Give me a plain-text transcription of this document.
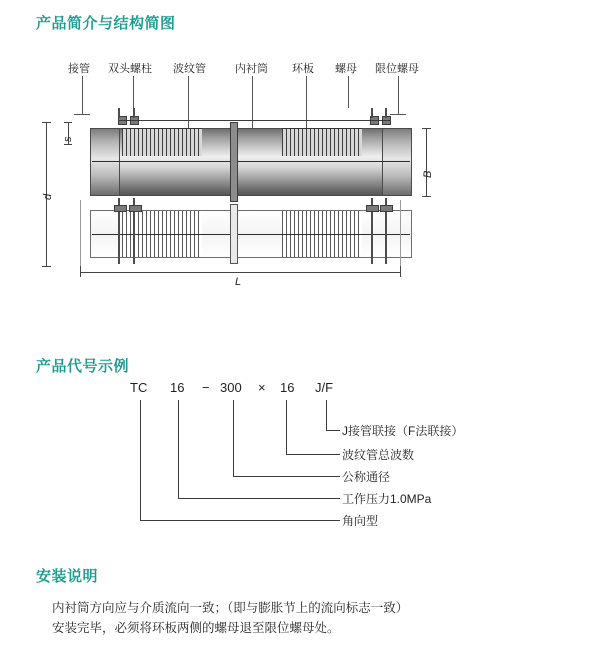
产品简介与结构简图
接管 双头螺柱 波纹管	内衬筒 环板 螺母 限位螺母
s
d
B
L
产品代号示例
TC 16 − 300 × 16 J/F
J接管联接（F法联接）
波纹管总波数
公称通径
工作压力1.0MPa
角向型
安装说明
内衬筒方向应与介质流向一致；（即与膨胀节上的流向标志一致）
安装完毕，必须将环板两侧的螺母退至限位螺母处。
